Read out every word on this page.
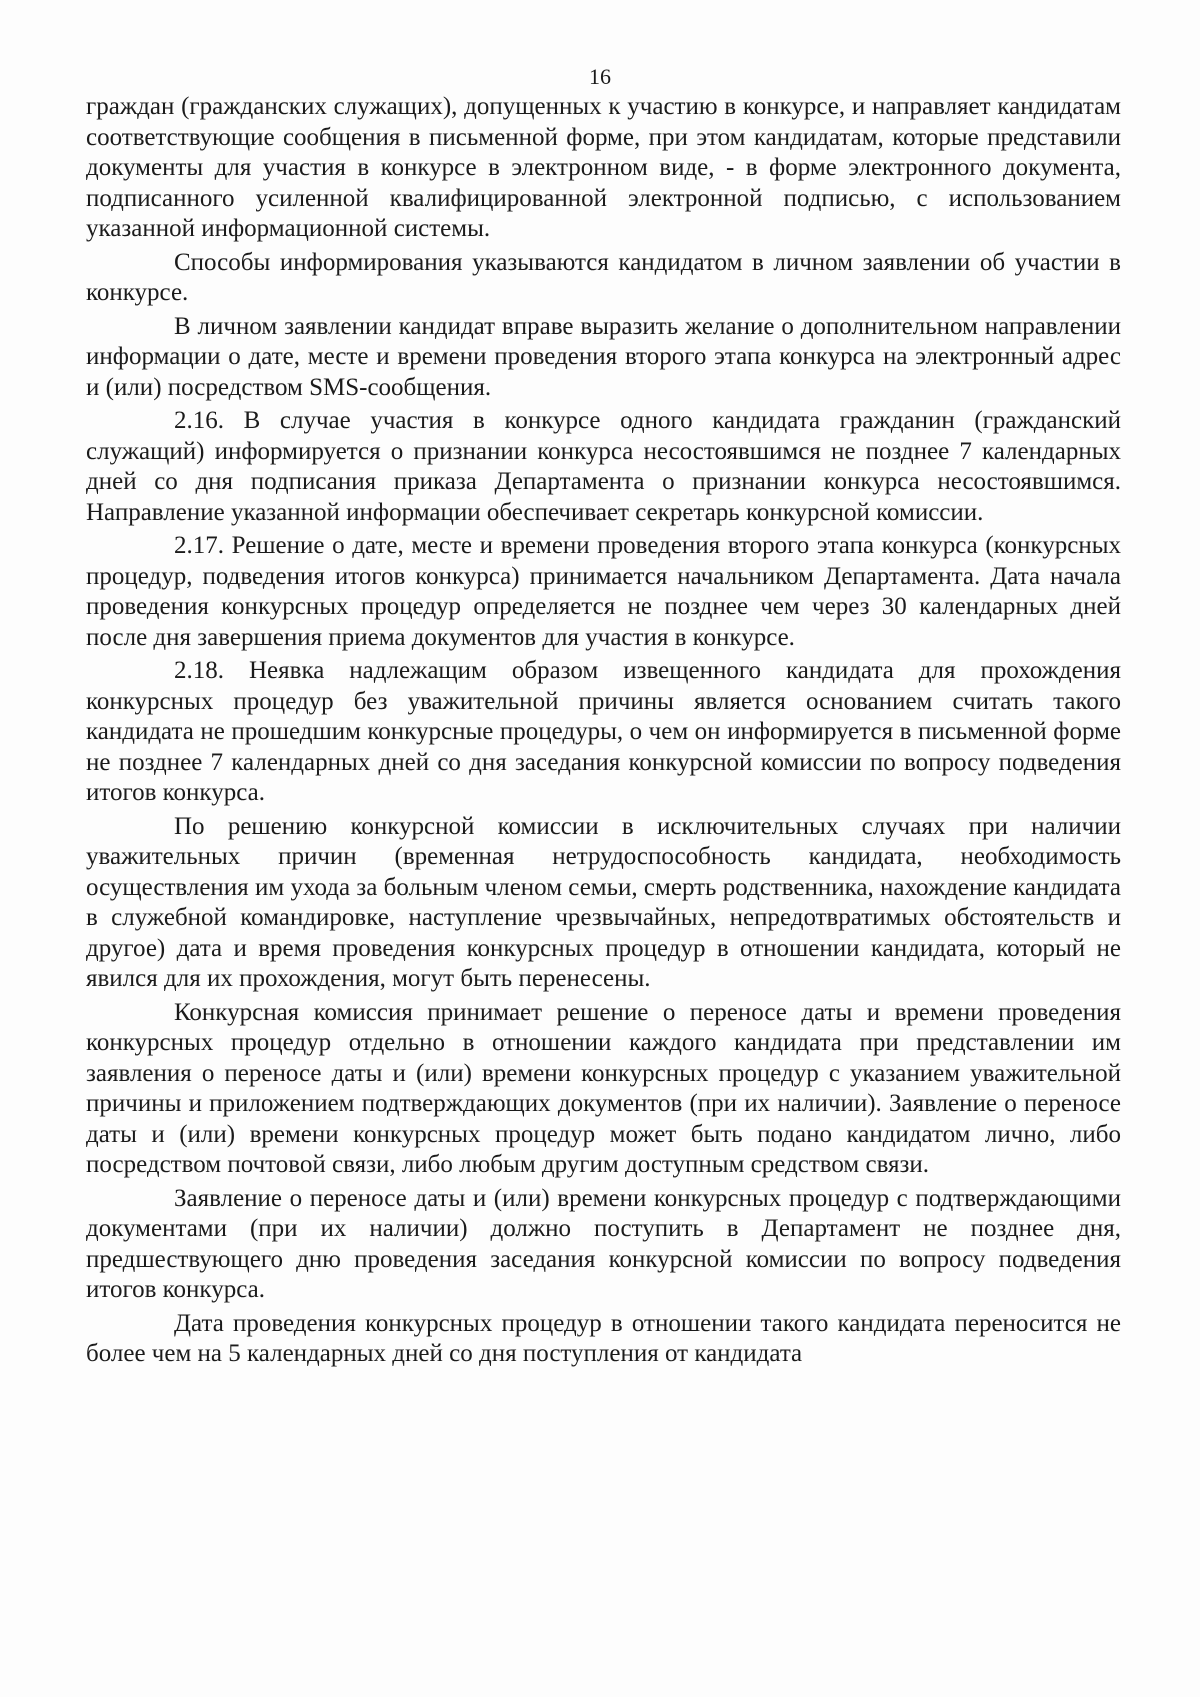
16

граждан (гражданских служащих), допущенных к участию в конкурсе, и направляет кандидатам соответствующие сообщения в письменной форме, при этом кандидатам, которые представили документы для участия в конкурсе в электронном виде, - в форме электронного документа, подписанного усиленной квалифицированной электронной подписью, с использованием указанной информационной системы.

Способы информирования указываются кандидатом в личном заявлении об участии в конкурсе.

В личном заявлении кандидат вправе выразить желание о дополнительном направлении информации о дате, месте и времени проведения второго этапа конкурса на электронный адрес и (или) посредством SMS-сообщения.

2.16. В случае участия в конкурсе одного кандидата гражданин (гражданский служащий) информируется о признании конкурса несостоявшимся не позднее 7 календарных дней со дня подписания приказа Департамента о признании конкурса несостоявшимся. Направление указанной информации обеспечивает секретарь конкурсной комиссии.

2.17. Решение о дате, месте и времени проведения второго этапа конкурса (конкурсных процедур, подведения итогов конкурса) принимается начальником Департамента. Дата начала проведения конкурсных процедур определяется не позднее чем через 30 календарных дней после дня завершения приема документов для участия в конкурсе.

2.18. Неявка надлежащим образом извещенного кандидата для прохождения конкурсных процедур без уважительной причины является основанием считать такого кандидата не прошедшим конкурсные процедуры, о чем он информируется в письменной форме не позднее 7 календарных дней со дня заседания конкурсной комиссии по вопросу подведения итогов конкурса.

По решению конкурсной комиссии в исключительных случаях при наличии уважительных причин (временная нетрудоспособность кандидата, необходимость осуществления им ухода за больным членом семьи, смерть родственника, нахождение кандидата в служебной командировке, наступление чрезвычайных, непредотвратимых обстоятельств и другое) дата и время проведения конкурсных процедур в отношении кандидата, который не явился для их прохождения, могут быть перенесены.

Конкурсная комиссия принимает решение о переносе даты и времени проведения конкурсных процедур отдельно в отношении каждого кандидата при представлении им заявления о переносе даты и (или) времени конкурсных процедур с указанием уважительной причины и приложением подтверждающих документов (при их наличии). Заявление о переносе даты и (или) времени конкурсных процедур может быть подано кандидатом лично, либо посредством почтовой связи, либо любым другим доступным средством связи.

Заявление о переносе даты и (или) времени конкурсных процедур с подтверждающими документами (при их наличии) должно поступить в Департамент не позднее дня, предшествующего дню проведения заседания конкурсной комиссии по вопросу подведения итогов конкурса.

Дата проведения конкурсных процедур в отношении такого кандидата переносится не более чем на 5 календарных дней со дня поступления от кандидата
